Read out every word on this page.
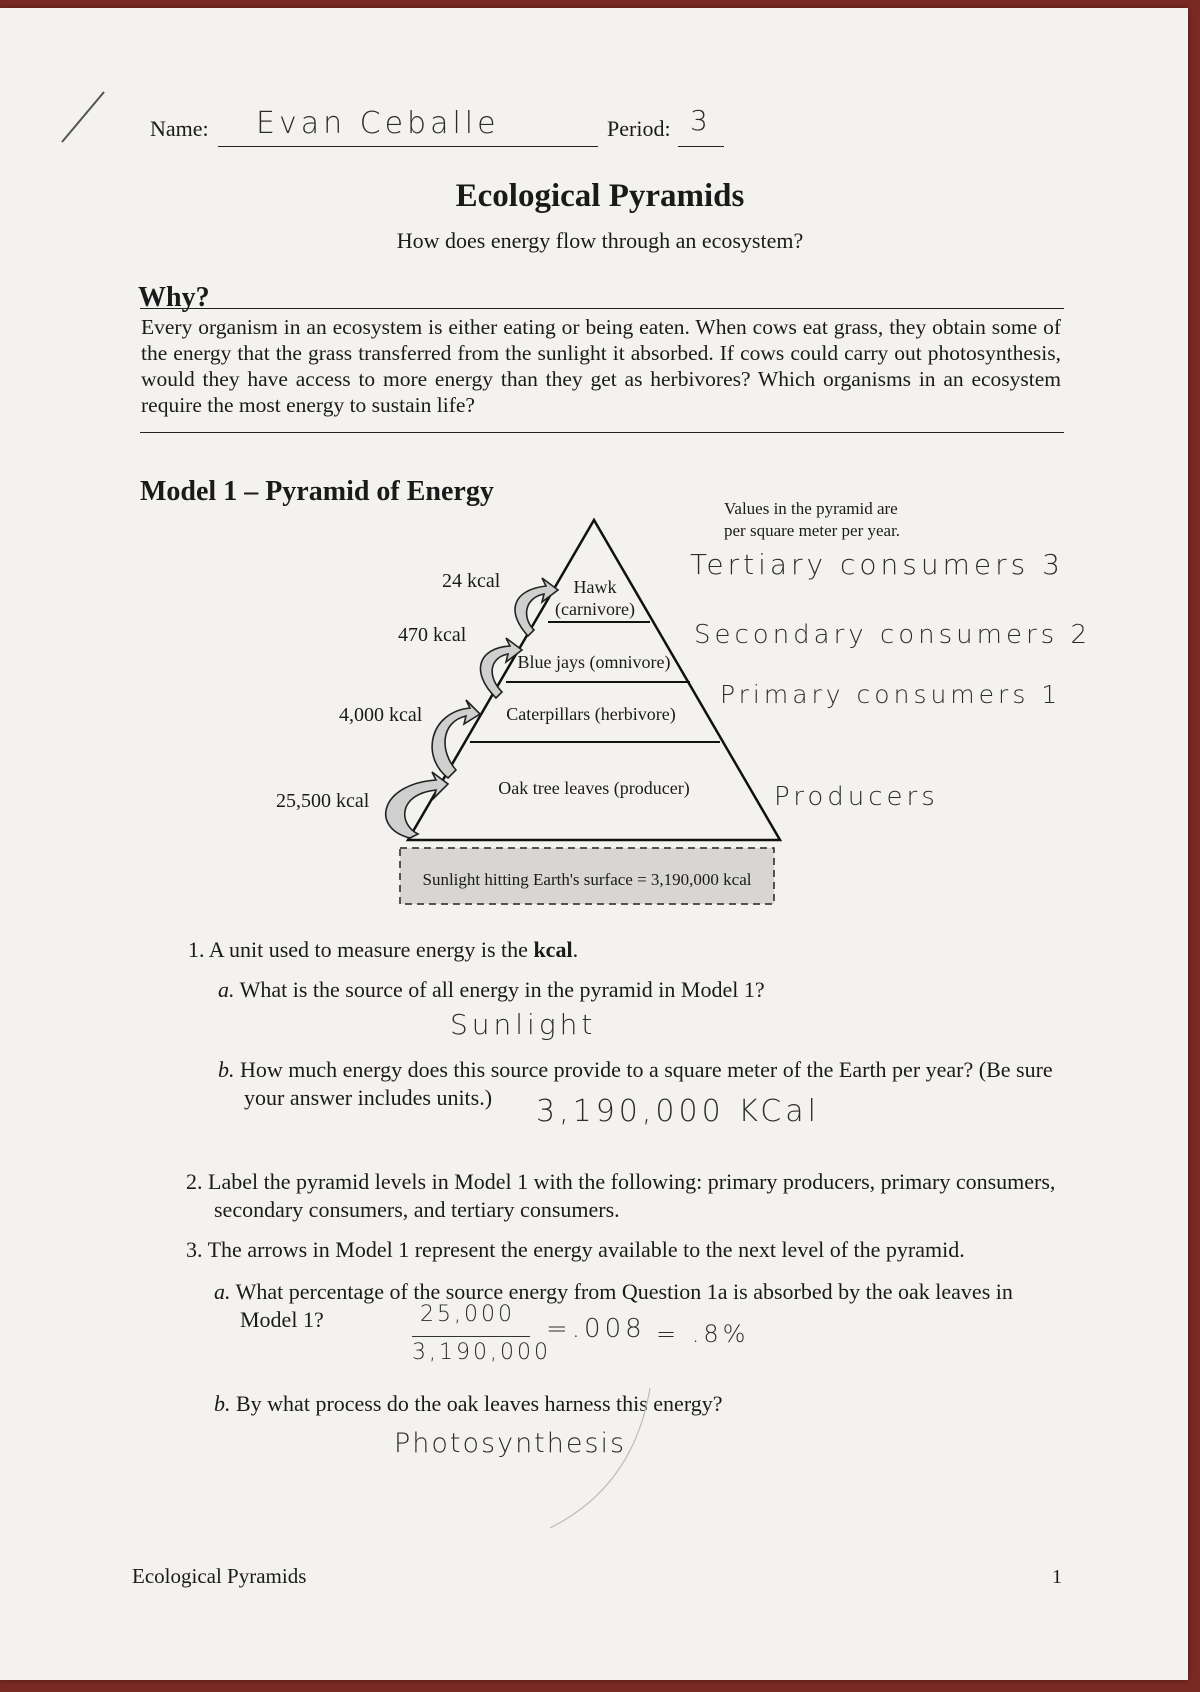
Name: Evan Ceballe	Period: 3
Ecological Pyramids
How does energy flow through an ecosystem?
Why?
Every organism in an ecosystem is either eating or being eaten. When cows eat grass, they obtain some of the energy that the grass transferred from the sunlight it absorbed. If cows could carry out photosynthesis, would they have access to more energy than they get as herbivores? Which organisms in an ecosystem require the most energy to sustain life?
Model 1 – Pyramid of Energy
Values in the pyramid are
per square meter per year.
Hawk
(carnivore)
Blue jays (omnivore)
Caterpillars (herbivore)
Oak tree leaves (producer)
Sunlight hitting Earth's surface = 3,190,000 kcal
24 kcal
470 kcal
4,000 kcal
25,500 kcal
Tertiary consumers 3
Secondary consumers 2
Primary consumers 1
Producers
1. A unit used to measure energy is the kcal.
a. What is the source of all energy in the pyramid in Model 1?
Sunlight
b. How much energy does this source provide to a square meter of the Earth per year? (Be sure
your answer includes units.)	3,190,000 KCal
2. Label the pyramid levels in Model 1 with the following: primary producers, primary consumers,
secondary consumers, and tertiary consumers.
3. The arrows in Model 1 represent the energy available to the next level of the pyramid.
a. What percentage of the source energy from Question 1a is absorbed by the oak leaves in
Model 1?	25,000
3,190,000
=.008 = .8%
b. By what process do the oak leaves harness this energy?
Photosynthesis
Ecological Pyramids	1
